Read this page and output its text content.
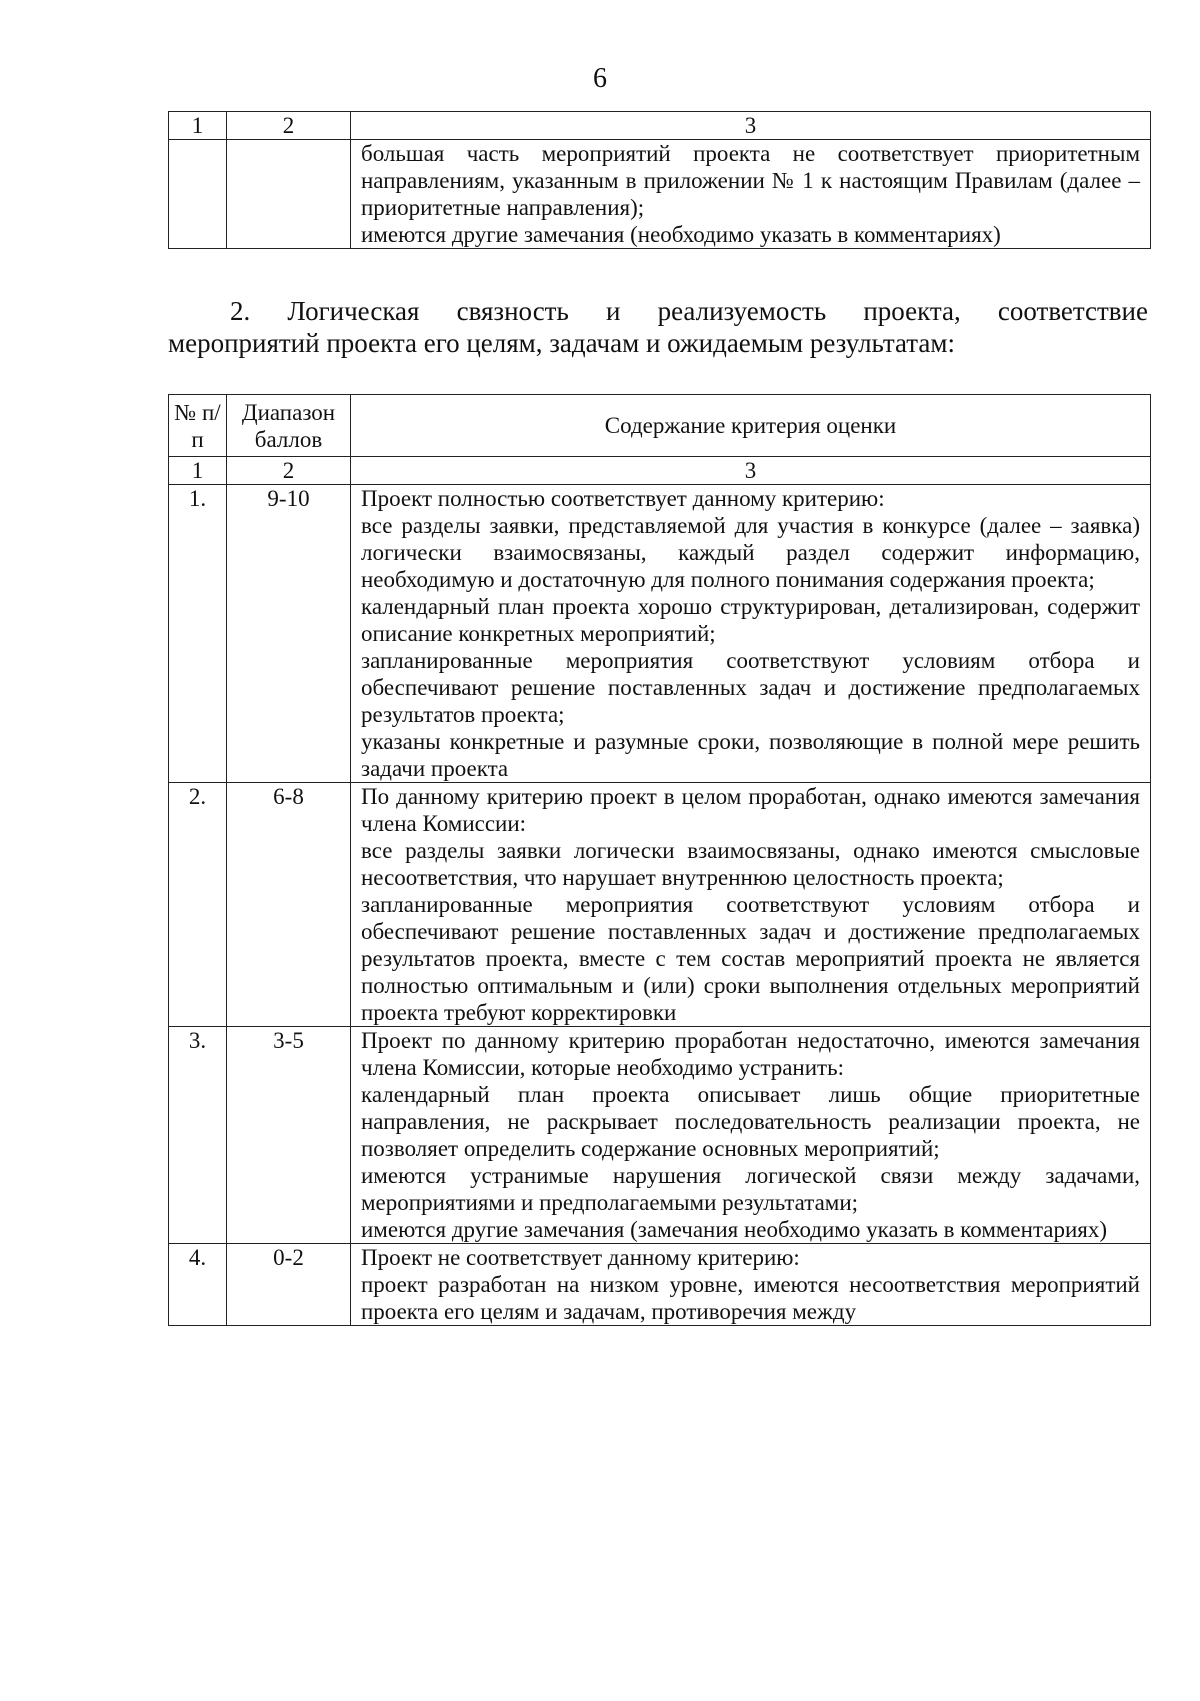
6
1	2	3

		большая часть мероприятий проекта не соответствует приоритетным направлениям, указанным в приложении № 1 к настоящим Правилам (далее – приоритетные направления);
имеются другие замечания (необходимо указать в комментариях)
2. Логическая связность и реализуемость проекта, соответствие
мероприятий проекта его целям, задачам и ожидаемым результатам:
№ п/п	Диапазон баллов	Содержание критерия оценки
1	2	3
1.	9-10	Проект полностью соответствует данному критерию:
все разделы заявки, представляемой для участия в конкурсе (далее – заявка) логически взаимосвязаны, каждый раздел содержит информацию, необходимую и достаточную для полного понимания содержания проекта;
календарный план проекта хорошо структурирован, детализирован, содержит описание конкретных мероприятий;
запланированные мероприятия соответствуют условиям отбора и обеспечивают решение поставленных задач и достижение предполагаемых результатов проекта;
указаны конкретные и разумные сроки, позволяющие в полной мере решить задачи проекта

2.	6-8	По данному критерию проект в целом проработан, однако имеются замечания члена Комиссии:
все разделы заявки логически взаимосвязаны, однако имеются смысловые несоответствия, что нарушает внутреннюю целостность проекта;
запланированные мероприятия соответствуют условиям отбора и обеспечивают решение поставленных задач и достижение предполагаемых результатов проекта, вместе с тем состав мероприятий проекта не является полностью оптимальным и (или) сроки выполнения отдельных мероприятий проекта требуют корректировки

3.	3-5	Проект по данному критерию проработан недостаточно, имеются замечания члена Комиссии, которые необходимо устранить:
календарный план проекта описывает лишь общие приоритетные направления, не раскрывает последовательность реализации проекта, не позволяет определить содержание основных мероприятий;
имеются устранимые нарушения логической связи между задачами, мероприятиями и предполагаемыми результатами;
имеются другие замечания (замечания необходимо указать в комментариях)

4.	0-2	Проект не соответствует данному критерию:
проект разработан на низком уровне, имеются несоответствия мероприятий проекта его целям и задачам, противоречия между
